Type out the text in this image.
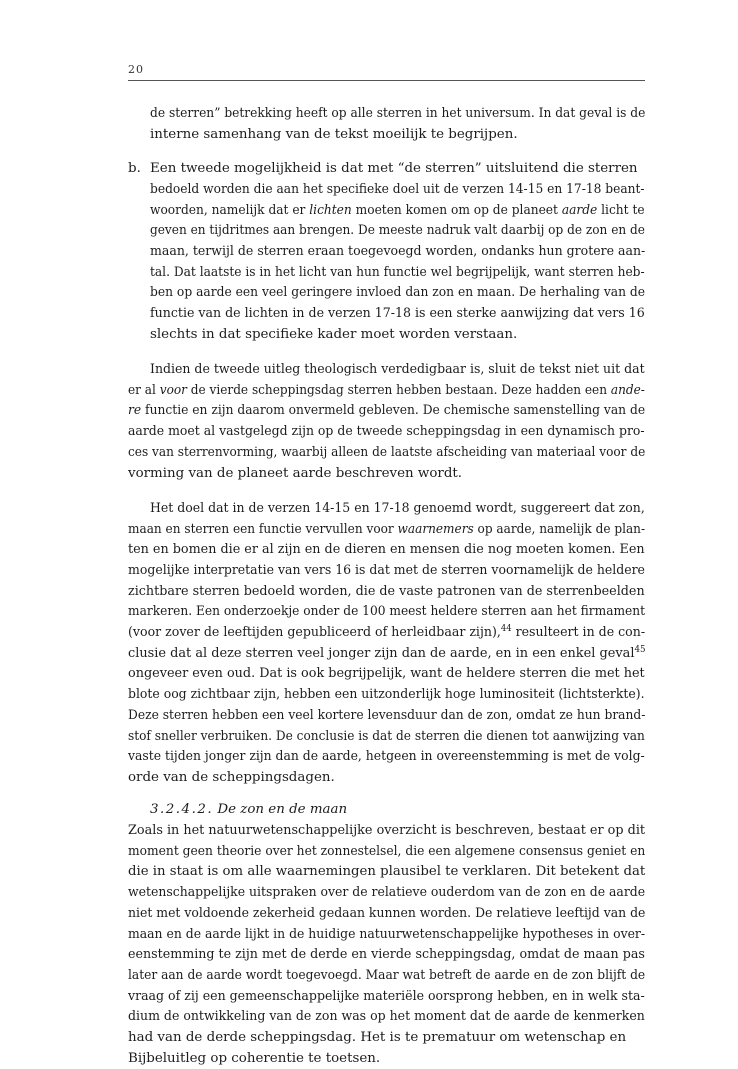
20
de sterren” betrekking heeft op alle sterren in het universum. In dat geval is de
interne samenhang van de tekst moeilijk te begrijpen.
b. Een tweede mogelijkheid is dat met “de sterren” uitsluitend die sterren
bedoeld worden die aan het specifieke doel uit de verzen 14-15 en 17-18 beant-
woorden, namelijk dat er lichten moeten komen om op de planeet aarde licht te
geven en tijdritmes aan brengen. De meeste nadruk valt daarbij op de zon en de
maan, terwijl de sterren eraan toegevoegd worden, ondanks hun grotere aan-
tal. Dat laatste is in het licht van hun functie wel begrijpelijk, want sterren heb-
ben op aarde een veel geringere invloed dan zon en maan. De herhaling van de
functie van de lichten in de verzen 17-18 is een sterke aanwijzing dat vers 16
slechts in dat specifieke kader moet worden verstaan.
Indien de tweede uitleg theologisch verdedigbaar is, sluit de tekst niet uit dat
er al voor de vierde scheppingsdag sterren hebben bestaan. Deze hadden een ande-
re functie en zijn daarom onvermeld gebleven. De chemische samenstelling van de
aarde moet al vastgelegd zijn op de tweede scheppingsdag in een dynamisch pro-
ces van sterrenvorming, waarbij alleen de laatste afscheiding van materiaal voor de
vorming van de planeet aarde beschreven wordt.
Het doel dat in de verzen 14-15 en 17-18 genoemd wordt, suggereert dat zon,
maan en sterren een functie vervullen voor waarnemers op aarde, namelijk de plan-
ten en bomen die er al zijn en de dieren en mensen die nog moeten komen. Een
mogelijke interpretatie van vers 16 is dat met de sterren voornamelijk de heldere
zichtbare sterren bedoeld worden, die de vaste patronen van de sterrenbeelden
markeren. Een onderzoekje onder de 100 meest heldere sterren aan het firmament
(voor zover de leeftijden gepubliceerd of herleidbaar zijn),$^{44}$ resulteert in de con-
clusie dat al deze sterren veel jonger zijn dan de aarde, en in een enkel geval$^{45}$
ongeveer even oud. Dat is ook begrijpelijk, want de heldere sterren die met het
blote oog zichtbaar zijn, hebben een uitzonderlijk hoge luminositeit (lichtsterkte).
Deze sterren hebben een veel kortere levensduur dan de zon, omdat ze hun brand-
stof sneller verbruiken. De conclusie is dat de sterren die dienen tot aanwijzing van
vaste tijden jonger zijn dan de aarde, hetgeen in overeenstemming is met de volg-
orde van de scheppingsdagen.
3.2.4.2. De zon en de maan
Zoals in het natuurwetenschappelijke overzicht is beschreven, bestaat er op dit
moment geen theorie over het zonnestelsel, die een algemene consensus geniet en
die in staat is om alle waarnemingen plausibel te verklaren. Dit betekent dat
wetenschappelijke uitspraken over de relatieve ouderdom van de zon en de aarde
niet met voldoende zekerheid gedaan kunnen worden. De relatieve leeftijd van de
maan en de aarde lijkt in de huidige natuurwetenschappelijke hypotheses in over-
eenstemming te zijn met de derde en vierde scheppingsdag, omdat de maan pas
later aan de aarde wordt toegevoegd. Maar wat betreft de aarde en de zon blijft de
vraag of zij een gemeenschappelijke materiële oorsprong hebben, en in welk sta-
dium de ontwikkeling van de zon was op het moment dat de aarde de kenmerken
had van de derde scheppingsdag. Het is te prematuur om wetenschap en
Bijbeluitleg op coherentie te toetsen.
